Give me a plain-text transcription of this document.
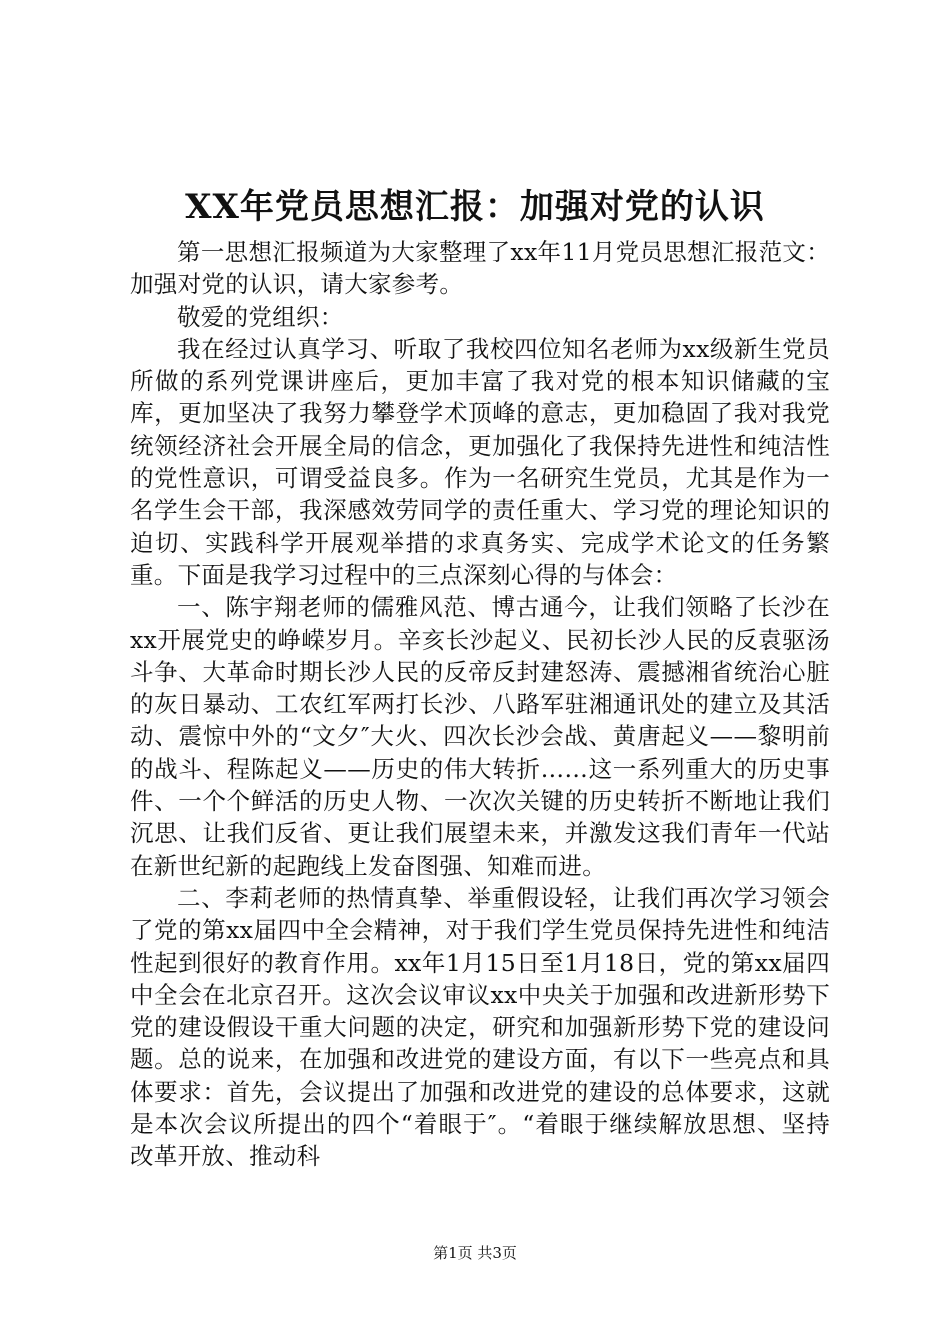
XX年党员思想汇报：加强对党的认识

第一思想汇报频道为大家整理了xx年11月党员思想汇报范文：加强对党的认识，请大家参考。

敬爱的党组织：

我在经过认真学习、听取了我校四位知名老师为xx级新生党员所做的系列党课讲座后，更加丰富了我对党的根本知识储藏的宝库，更加坚决了我努力攀登学术顶峰的意志，更加稳固了我对我党统领经济社会开展全局的信念，更加强化了我保持先进性和纯洁性的党性意识，可谓受益良多。作为一名研究生党员，尤其是作为一名学生会干部，我深感效劳同学的责任重大、学习党的理论知识的迫切、实践科学开展观举措的求真务实、完成学术论文的任务繁重。下面是我学习过程中的三点深刻心得的与体会：

一、陈宇翔老师的儒雅风范、博古通今，让我们领略了长沙在xx开展党史的峥嵘岁月。辛亥长沙起义、民初长沙人民的反袁驱汤斗争、大革命时期长沙人民的反帝反封建怒涛、震撼湘省统治心脏的灰日暴动、工农红军两打长沙、八路军驻湘通讯处的建立及其活动、震惊中外的“文夕″大火、四次长沙会战、黄唐起义——黎明前的战斗、程陈起义——历史的伟大转折……这一系列重大的历史事件、一个个鲜活的历史人物、一次次关键的历史转折不断地让我们沉思、让我们反省、更让我们展望未来，并激发这我们青年一代站在新世纪新的起跑线上发奋图强、知难而进。

二、李莉老师的热情真挚、举重假设轻，让我们再次学习领会了党的第xx届四中全会精神，对于我们学生党员保持先进性和纯洁性起到很好的教育作用。xx年1月15日至1月18日，党的第xx届四中全会在北京召开。这次会议审议xx中央关于加强和改进新形势下党的建设假设干重大问题的决定，研究和加强新形势下党的建设问题。总的说来，在加强和改进党的建设方面，有以下一些亮点和具体要求：首先，会议提出了加强和改进党的建设的总体要求，这就是本次会议所提出的四个“着眼于″。“着眼于继续解放思想、坚持改革开放、推动科

第1页 共3页
